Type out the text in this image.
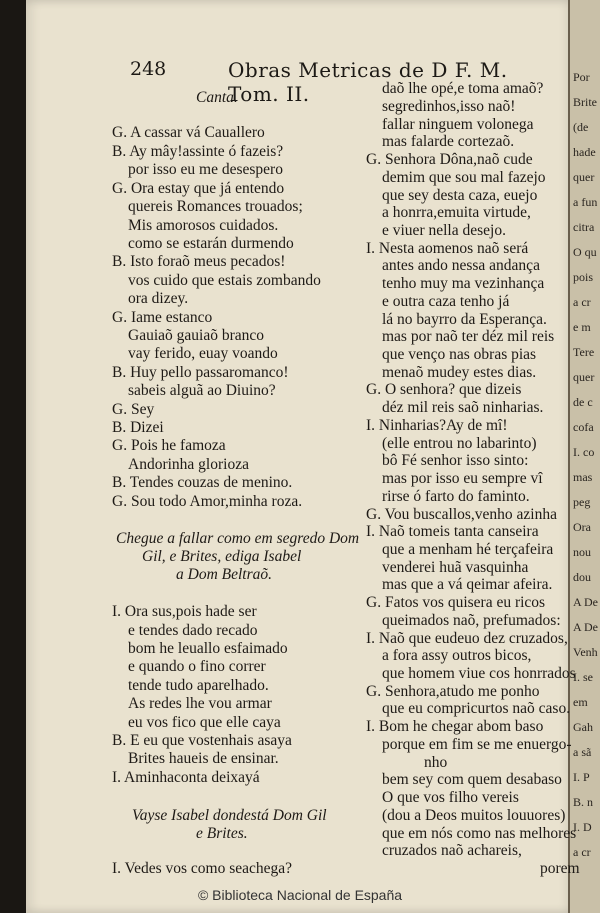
248	Obras Metricas de D F. M. Tom. II.
Por
Brite
(de
hade
quer
a fun
citra
O qu
pois
a cr
e m
Tere
quer
de c
cofa
I. co
mas
peg
Ora
nou
dou
A De
A De
Venh
I. se
em
Gah
a sã
I. P
B. n
I. D
a cr
Canta.
G. A cassar vá Cauallero
B. Ay mây!assinte ó fazeis?
por isso eu me desespero
G. Ora estay que já entendo
quereis Romances trouados;
Mis amorosos cuidados.
como se estarán durmendo
B. Isto foraõ meus pecados!
vos cuido que estais zombando
ora dizey.
G. Iame estanco
Gauiaõ gauiaõ branco
vay ferido, euay voando
B. Huy pello passaromanco!
sabeis alguã ao Diuino?
G. Sey
B. Dizei
G. Pois he famoza
Andorinha glorioza
B. Tendes couzas de menino.
G. Sou todo Amor,minha roza.
Chegue a fallar como em segredo Dom
Gil, e Brites, ediga Isabel
a Dom Beltraõ.
I. Ora sus,pois hade ser
e tendes dado recado
bom he leuallo esfaimado
e quando o fino correr
tende tudo aparelhado.
As redes lhe vou armar
eu vos fico que elle caya
B. E eu que vostenhais asaya
Brites haueis de ensinar.
I. Aminhaconta deixayá
Vayse Isabel dondestá Dom Gil
e Brites.
I. Vedes vos como seachega?
daõ lhe opé,e toma amaõ?
segredinhos,isso naõ!
fallar ninguem volonega
mas falarde cortezaõ.
G. Senhora Dôna,naõ cude
demim que sou mal fazejo
que sey desta caza, euejo
a honrra,emuita virtude,
e viuer nella desejo.
I. Nesta aomenos naõ será
antes ando nessa andança
tenho muy ma vezinhança
e outra caza tenho já
lá no bayrro da Esperança.
mas por naõ ter déz mil reis
que venço nas obras pias
menaõ mudey estes dias.
G. O senhora? que dizeis
déz mil reis saõ ninharias.
I. Ninharias?Ay de mî!
(elle entrou no labarinto)
bô Fé senhor isso sinto:
mas por isso eu sempre vî
rirse ó farto do faminto.
G. Vou buscallos,venho azinha
I. Naõ tomeis tanta canseira
que a menham hé terçafeira
venderei huã vasquinha
mas que a vá qeimar afeira.
G. Fatos vos quisera eu ricos
queimados naõ, prefumados:
I. Naõ que eudeuo dez cruzados,
a fora assy outros bicos,
que homem viue cos honrrados
G. Senhora,atudo me ponho
que eu compricurtos naõ caso.
I. Bom he chegar abom baso
porque em fim se me enuergo-
nho
bem sey com quem desabaso
O que vos filho vereis
(dou a Deos muitos louuores)
que em nós como nas melhores
cruzados naõ achareis,
porem
© Biblioteca Nacional de España
